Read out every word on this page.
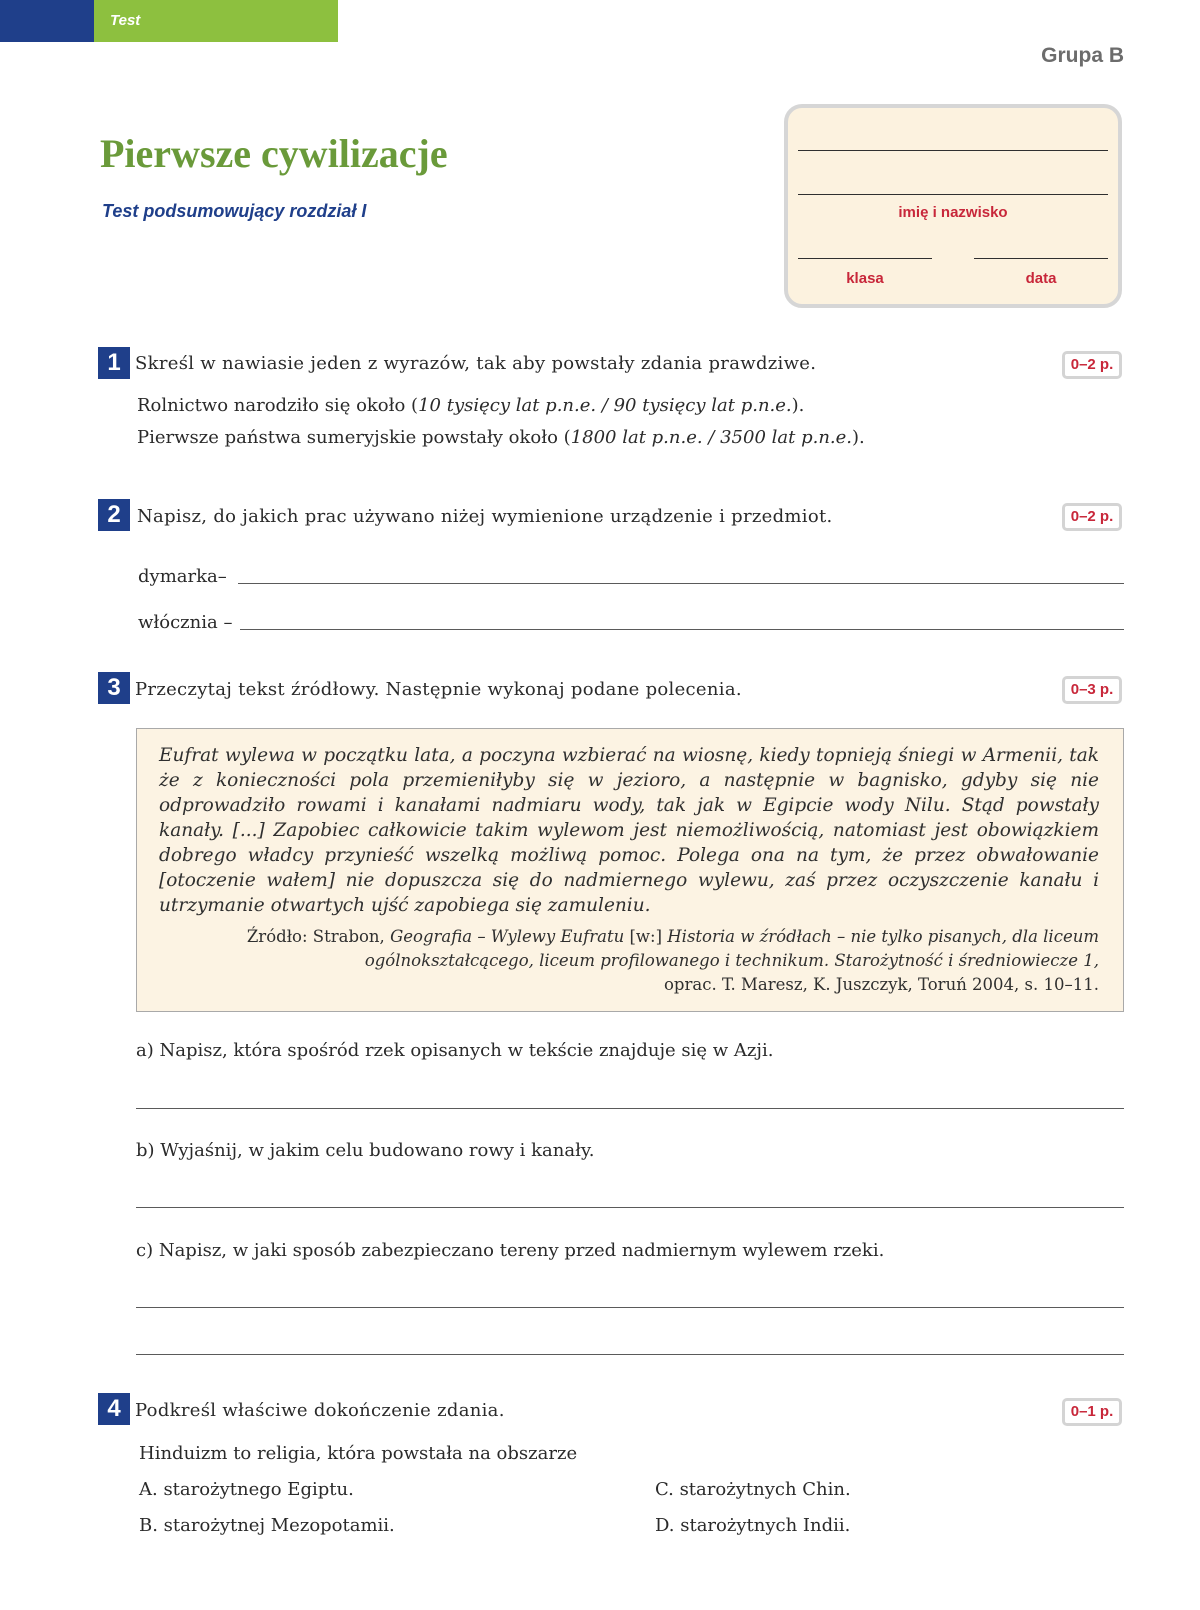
Test
Grupa B
Pierwsze cywilizacje
Test podsumowujący rozdział I	imię i nazwisko
klasa	data
1 Skreśl w nawiasie jeden z wyrazów, tak aby powstały zdania prawdziwe.	0–2 p.
Rolnictwo narodziło się około (10 tysięcy lat p.n.e. / 90 tysięcy lat p.n.e.).
Pierwsze państwa sumeryjskie powstały około (1800 lat p.n.e. / 3500 lat p.n.e.).
2 Napisz, do jakich prac używano niżej wymienione urządzenie i przedmiot.	0–2 p.
dymarka–
włócznia –
3 Przeczytaj tekst źródłowy. Następnie wykonaj podane polecenia.	0–3 p.
Eufrat wylewa w początku lata, a poczyna wzbierać na wiosnę, kiedy topnieją śniegi w Armenii, tak że z konieczności pola przemieniłyby się w jezioro, a następnie w bagnisko, gdyby się nie odprowadziło rowami i kanałami nadmiaru wody, tak jak w Egipcie wody Nilu. Stąd powstały kanały. [...] Zapobiec całkowicie takim wylewom jest niemożliwością, natomiast jest obowiązkiem dobrego władcy przynieść wszelką możliwą pomoc. Polega ona na tym, że przez obwałowanie [otoczenie wałem] nie dopuszcza się do nadmiernego wylewu, zaś przez oczyszczenie kanału i utrzymanie otwartych ujść zapobiega się zamuleniu.
Źródło: Strabon, Geografia – Wylewy Eufratu [w:] Historia w źródłach – nie tylko pisanych, dla liceum ogólnokształcącego, liceum profilowanego i technikum. Starożytność i średniowiecze 1,
oprac. T. Maresz, K. Juszczyk, Toruń 2004, s. 10–11.
a) Napisz, która spośród rzek opisanych w tekście znajduje się w Azji.
b) Wyjaśnij, w jakim celu budowano rowy i kanały.
c) Napisz, w jaki sposób zabezpieczano tereny przed nadmiernym wylewem rzeki.
4 Podkreśl właściwe dokończenie zdania.	0–1 p.
Hinduizm to religia, która powstała na obszarze
A. starożytnego Egiptu.
B. starożytnej Mezopotamii.
C. starożytnych Chin.
D. starożytnych Indii.
